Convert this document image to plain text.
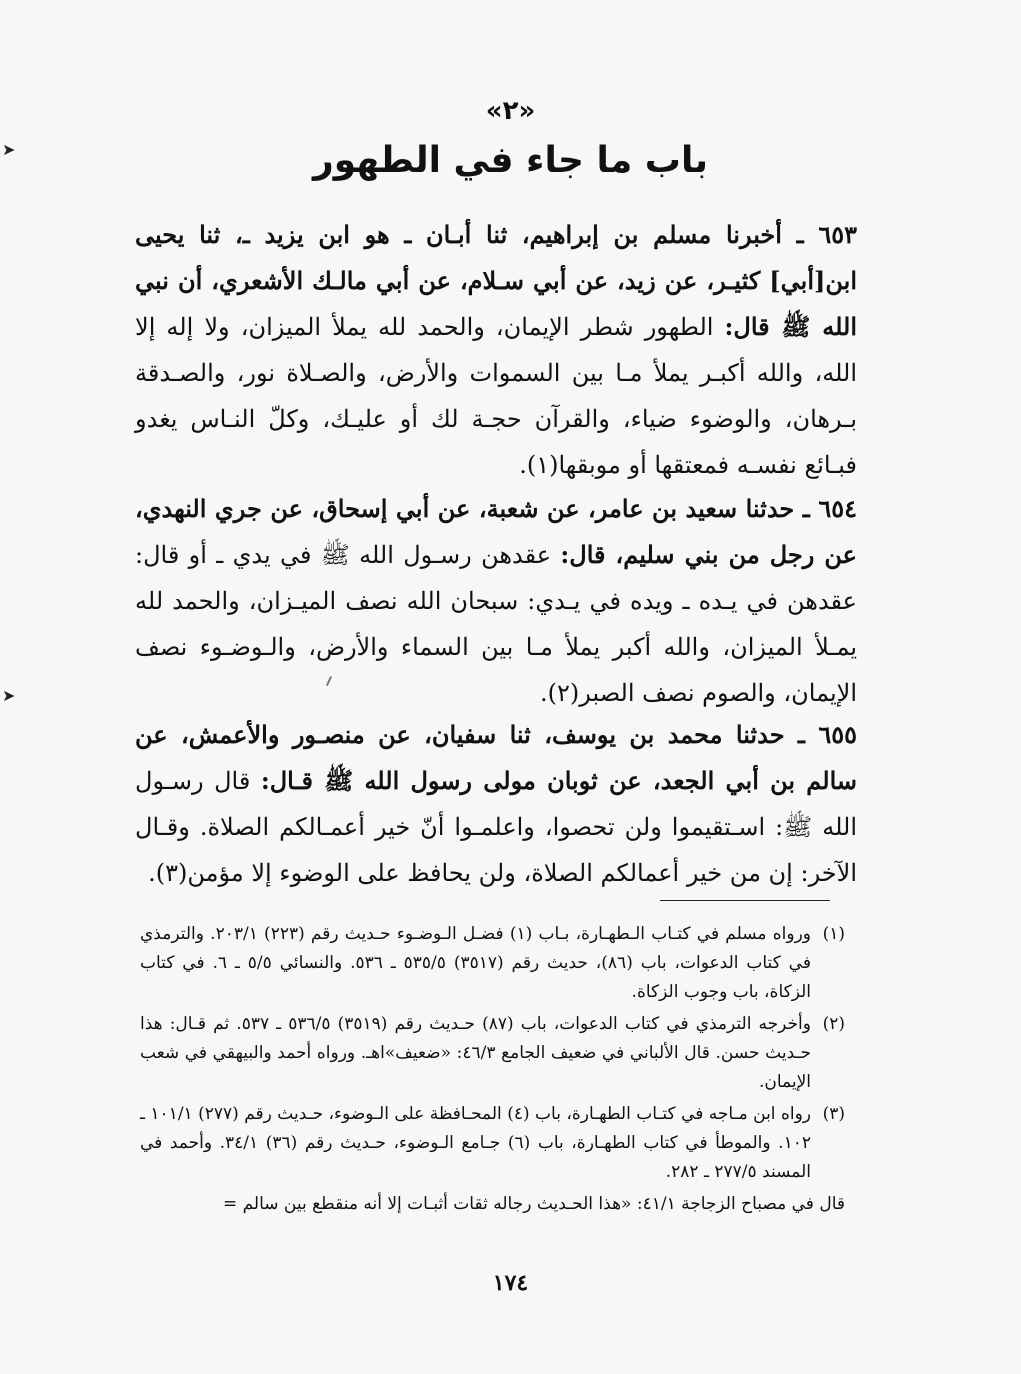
«٢»
باب ما جاء في الطهور
٦٥٣ ـ أخبرنا مسلم بن إبراهيم، ثنا أبـان ـ هو ابن يزيد ـ، ثنا يحيى ابن[أبي] كثيـر، عن زيد، عن أبي سـلام، عن أبي مالـك الأشعري، أن نبي الله ﷺ قال: الطهور شطر الإيمان، والحمد لله يملأ الميزان، ولا إله إلا الله، والله أكبـر يملأ مـا بين السموات والأرض، والصـلاة نور، والصـدقة بـرهان، والوضوء ضياء، والقرآن حجـة لك أو عليـك، وكلّ النـاس يغدو فبـائع نفسـه فمعتقها أو موبقها(١).
٦٥٤ ـ حدثنا سعيد بن عامر، عن شعبة، عن أبي إسحاق، عن جري النهدي، عن رجل من بني سليم، قال: عقدهن رسـول الله ﷺ في يدي ـ أو قال: عقدهن في يـده ـ ويده في يـدي: سبحان الله نصف الميـزان، والحمد لله يمـلأ الميزان، والله أكبر يملأ مـا بين السماء والأرض، والـوضـوء نصف الإيمان، والصوم نصف الصبر(٢).
٦٥٥ ـ حدثنا محمد بن يوسف، ثنا سفيان، عن منصـور والأعمش، عن سالم بن أبي الجعد، عن ثوبان مولى رسول الله ﷺ قـال: قال رسـول الله ﷺ: اسـتقيموا ولن تحصوا، واعلمـوا أنّ خير أعمـالكم الصلاة. وقـال الآخر: إن من خير أعمالكم الصلاة، ولن يحافظ على الوضوء إلا مؤمن(٣).
(١)
ورواه مسلم في كتـاب الـطهـارة، بـاب (١) فضـل الـوضـوء حـديث رقم (٢٢٣) ٢٠٣/١. والترمذي في كتاب الدعوات، باب (٨٦)، حديث رقم (٣٥١٧) ٥٣٥/٥ ـ ٥٣٦. والنسائي ٥/٥ ـ ٦. في كتاب الزكاة، باب وجوب الزكاة.
(٢)
وأخرجه الترمذي في كتاب الدعوات، باب (٨٧) حـديث رقم (٣٥١٩) ٥٣٦/٥ ـ ٥٣٧. ثم قـال: هذا حـديث حسن. قال الألباني في ضعيف الجامع ٤٦/٣: «ضعيف»اهـ. ورواه أحمد والبيهقي في شعب الإيمان.
(٣)
رواه ابن مـاجه في كتـاب الطهـارة، باب (٤) المحـافظة على الـوضوء، حـديث رقم (٢٧٧) ١٠١/١ ـ ١٠٢. والموطأ في كتاب الطهـارة، باب (٦) جـامع الـوضوء، حـديث رقم (٣٦) ٣٤/١. وأحمد في المسند ٢٧٧/٥ ـ ٢٨٢.
قال في مصباح الزجاجة ٤١/١: «هذا الحـديث رجاله ثقات أثبـات إلا أنه منقطع بين سالم =
١٧٤
➤
➤
